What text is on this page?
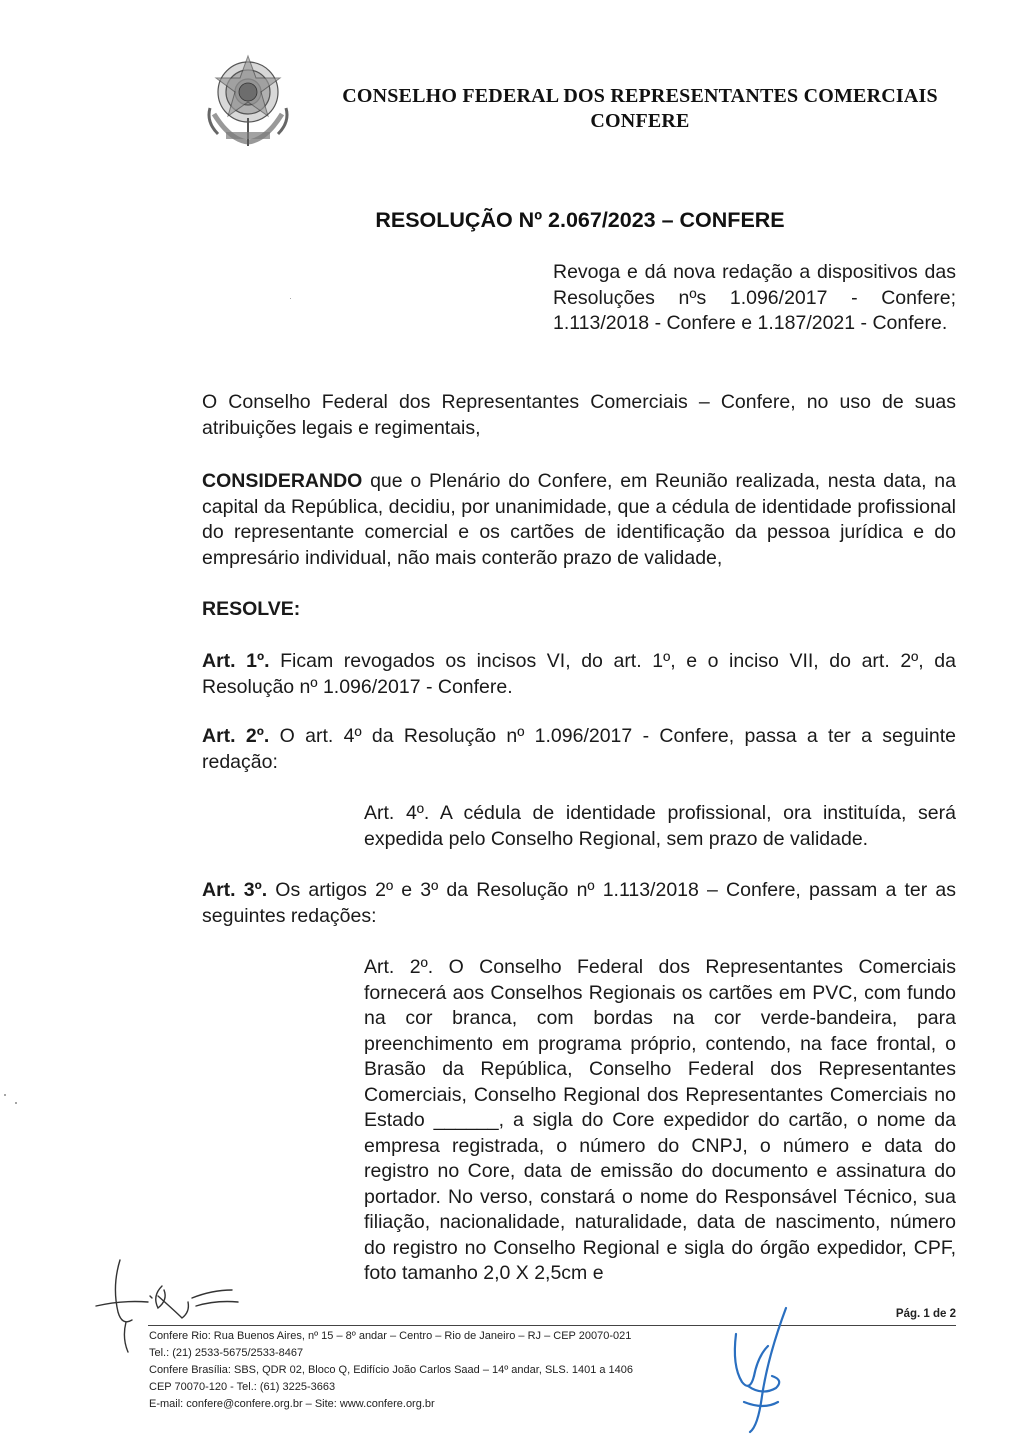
CONSELHO FEDERAL DOS REPRESENTANTES COMERCIAIS
CONFERE
RESOLUÇÃO Nº 2.067/2023 – CONFERE
Revoga e dá nova redação a dispositivos das Resoluções nºs 1.096/2017 - Confere; 1.113/2018 - Confere e 1.187/2021 - Confere.

O Conselho Federal dos Representantes Comerciais – Confere, no uso de suas atribuições legais e regimentais,

CONSIDERANDO que o Plenário do Confere, em Reunião realizada, nesta data, na capital da República, decidiu, por unanimidade, que a cédula de identidade profissional do representante comercial e os cartões de identificação da pessoa jurídica e do empresário individual, não mais conterão prazo de validade,

RESOLVE:

Art. 1º. Ficam revogados os incisos VI, do art. 1º, e o inciso VII, do art. 2º, da Resolução nº 1.096/2017 - Confere.

Art. 2º. O art. 4º da Resolução nº 1.096/2017 - Confere, passa a ter a seguinte redação:

Art. 4º. A cédula de identidade profissional, ora instituída, será expedida pelo Conselho Regional, sem prazo de validade.

Art. 3º. Os artigos 2º e 3º da Resolução nº 1.113/2018 – Confere, passam a ter as seguintes redações:

Art. 2º. O Conselho Federal dos Representantes Comerciais fornecerá aos Conselhos Regionais os cartões em PVC, com fundo na cor branca, com bordas na cor verde-bandeira, para preenchimento em programa próprio, contendo, na face frontal, o Brasão da República, Conselho Federal dos Representantes Comerciais, Conselho Regional dos Representantes Comerciais no Estado ______, a sigla do Core expedidor do cartão, o nome da empresa registrada, o número do CNPJ, o número e data do registro no Core, data de emissão do documento e assinatura do portador. No verso, constará o nome do Responsável Técnico, sua filiação, nacionalidade, naturalidade, data de nascimento, número do registro no Conselho Regional e sigla do órgão expedidor, CPF, foto tamanho 2,0 X 2,5cm e

Pág. 1 de 2
Confere Rio: Rua Buenos Aires, nº 15 – 8º andar – Centro – Rio de Janeiro – RJ – CEP 20070-021
Tel.: (21) 2533-5675/2533-8467
Confere Brasília: SBS, QDR 02, Bloco Q, Edifício João Carlos Saad – 14º andar, SLS. 1401 a 1406
CEP 70070-120 - Tel.: (61) 3225-3663
E-mail: confere@confere.org.br – Site: www.confere.org.br
